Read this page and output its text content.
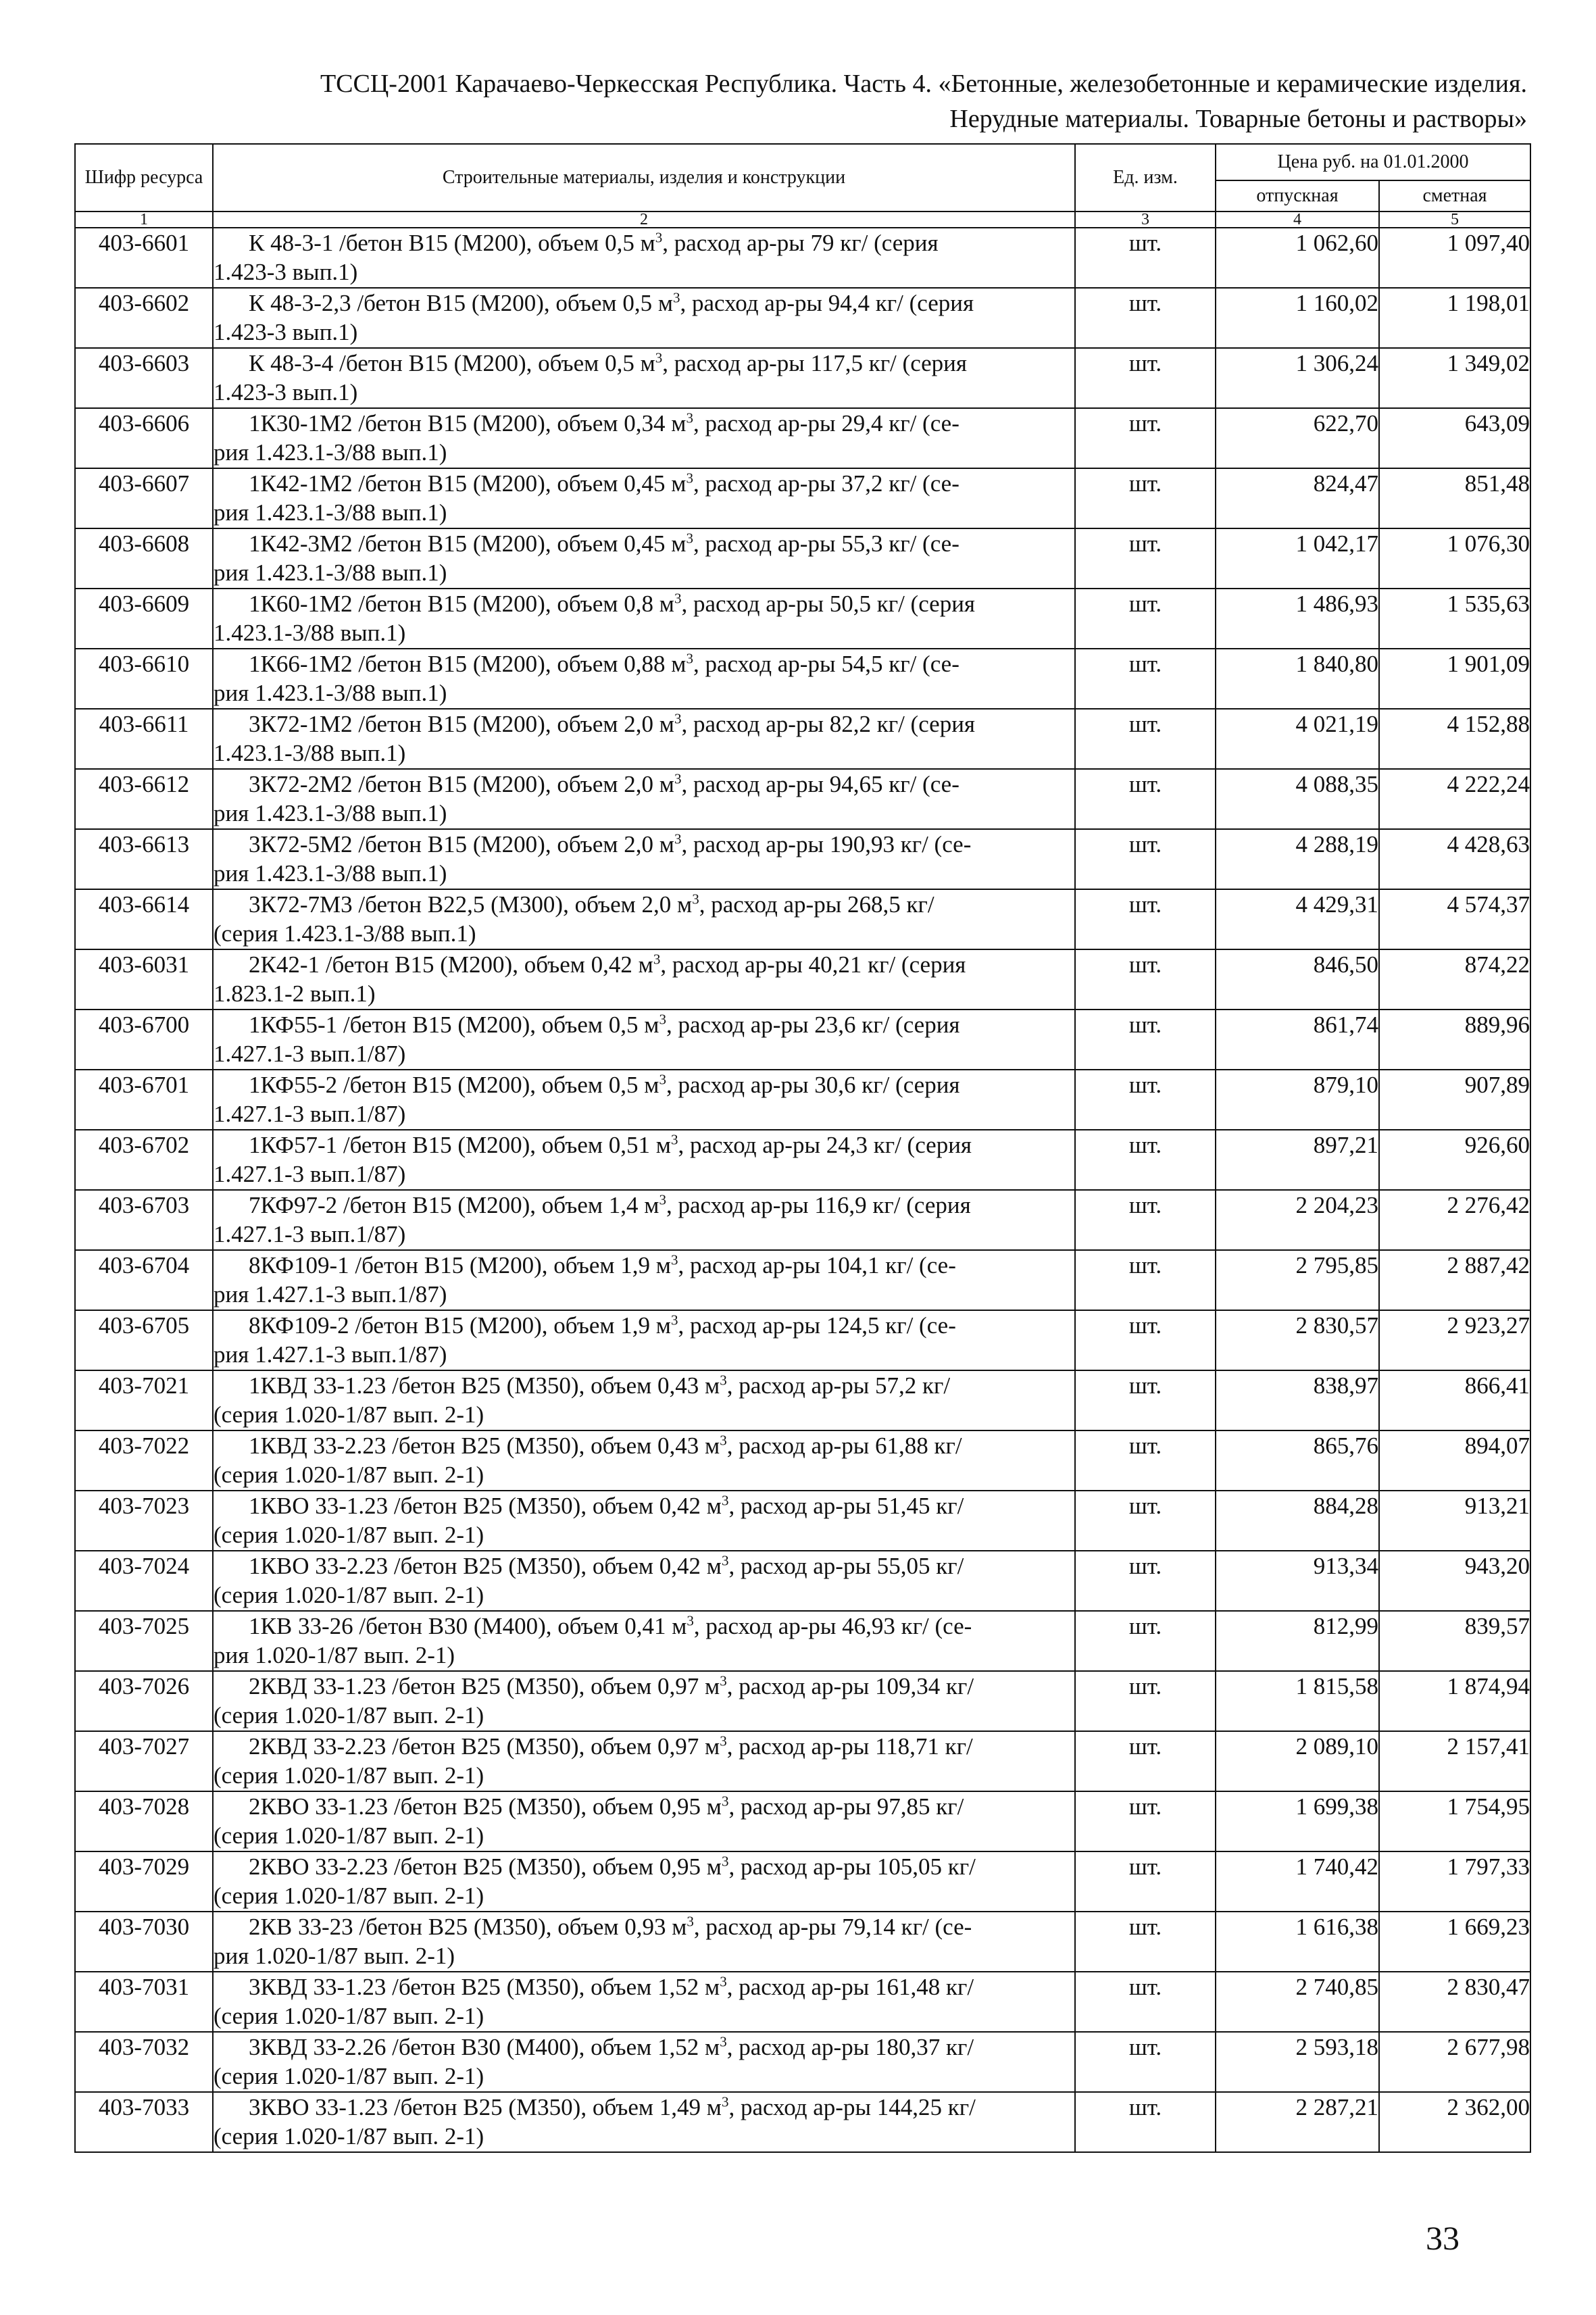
ТССЦ-2001 Карачаево-Черкесская Республика. Часть 4. «Бетонные, железобетонные и керамические изделия.
Нерудные материалы. Товарные бетоны и растворы»
Шифр ресурса	Строительные материалы, изделия и конструкции	Ед. изм.	Цена руб. на 01.01.2000	
			отпускная	сметная
1	2	3	4	5
403-6601	К 48-3-1 /бетон В15 (М200), объем 0,5 $м^3$, расход ар-ры 79 кг/ (серия
1.423-3 вып.1)	шт.	1 062,60	1 097,40
403-6602	К 48-3-2,3 /бетон В15 (М200), объем 0,5 $м^3$, расход ар-ры 94,4 кг/ (серия
1.423-3 вып.1)	шт.	1 160,02	1 198,01
403-6603	К 48-3-4 /бетон В15 (М200), объем 0,5 $м^3$, расход ар-ры 117,5 кг/ (серия
1.423-3 вып.1)	шт.	1 306,24	1 349,02
403-6606	1К30-1М2 /бетон В15 (М200), объем 0,34 $м^3$, расход ар-ры 29,4 кг/ (се-
рия 1.423.1-3/88 вып.1)	шт.	622,70	643,09
403-6607	1К42-1М2 /бетон В15 (М200), объем 0,45 $м^3$, расход ар-ры 37,2 кг/ (се-
рия 1.423.1-3/88 вып.1)	шт.	824,47	851,48
403-6608	1К42-3М2 /бетон В15 (М200), объем 0,45 $м^3$, расход ар-ры 55,3 кг/ (се-
рия 1.423.1-3/88 вып.1)	шт.	1 042,17	1 076,30
403-6609	1К60-1М2 /бетон В15 (М200), объем 0,8 $м^3$, расход ар-ры 50,5 кг/ (серия
1.423.1-3/88 вып.1)	шт.	1 486,93	1 535,63
403-6610	1К66-1М2 /бетон В15 (М200), объем 0,88 $м^3$, расход ар-ры 54,5 кг/ (се-
рия 1.423.1-3/88 вып.1)	шт.	1 840,80	1 901,09
403-6611	3К72-1М2 /бетон В15 (М200), объем 2,0 $м^3$, расход ар-ры 82,2 кг/ (серия
1.423.1-3/88 вып.1)	шт.	4 021,19	4 152,88
403-6612	3К72-2М2 /бетон В15 (М200), объем 2,0 $м^3$, расход ар-ры 94,65 кг/ (се-
рия 1.423.1-3/88 вып.1)	шт.	4 088,35	4 222,24
403-6613	3К72-5М2 /бетон В15 (М200), объем 2,0 $м^3$, расход ар-ры 190,93 кг/ (се-
рия 1.423.1-3/88 вып.1)	шт.	4 288,19	4 428,63
403-6614	3К72-7М3 /бетон В22,5 (М300), объем 2,0 $м^3$, расход ар-ры 268,5 кг/
(серия 1.423.1-3/88 вып.1)	шт.	4 429,31	4 574,37
403-6031	2К42-1 /бетон В15 (М200), объем 0,42 $м^3$, расход ар-ры 40,21 кг/ (серия
1.823.1-2 вып.1)	шт.	846,50	874,22
403-6700	1КФ55-1 /бетон В15 (М200), объем 0,5 $м^3$, расход ар-ры 23,6 кг/ (серия
1.427.1-3 вып.1/87)	шт.	861,74	889,96
403-6701	1КФ55-2 /бетон В15 (М200), объем 0,5 $м^3$, расход ар-ры 30,6 кг/ (серия
1.427.1-3 вып.1/87)	шт.	879,10	907,89
403-6702	1КФ57-1 /бетон В15 (М200), объем 0,51 $м^3$, расход ар-ры 24,3 кг/ (серия
1.427.1-3 вып.1/87)	шт.	897,21	926,60
403-6703	7КФ97-2 /бетон В15 (М200), объем 1,4 $м^3$, расход ар-ры 116,9 кг/ (серия
1.427.1-3 вып.1/87)	шт.	2 204,23	2 276,42
403-6704	8КФ109-1 /бетон В15 (М200), объем 1,9 $м^3$, расход ар-ры 104,1 кг/ (се-
рия 1.427.1-3 вып.1/87)	шт.	2 795,85	2 887,42
403-6705	8КФ109-2 /бетон В15 (М200), объем 1,9 $м^3$, расход ар-ры 124,5 кг/ (се-
рия 1.427.1-3 вып.1/87)	шт.	2 830,57	2 923,27
403-7021	1КВД 33-1.23 /бетон В25 (М350), объем 0,43 $м^3$, расход ар-ры 57,2 кг/
(серия 1.020-1/87 вып. 2-1)	шт.	838,97	866,41
403-7022	1КВД 33-2.23 /бетон В25 (М350), объем 0,43 $м^3$, расход ар-ры 61,88 кг/
(серия 1.020-1/87 вып. 2-1)	шт.	865,76	894,07
403-7023	1КВО 33-1.23 /бетон В25 (М350), объем 0,42 $м^3$, расход ар-ры 51,45 кг/
(серия 1.020-1/87 вып. 2-1)	шт.	884,28	913,21
403-7024	1КВО 33-2.23 /бетон В25 (М350), объем 0,42 $м^3$, расход ар-ры 55,05 кг/
(серия 1.020-1/87 вып. 2-1)	шт.	913,34	943,20
403-7025	1КВ 33-26 /бетон В30 (М400), объем 0,41 $м^3$, расход ар-ры 46,93 кг/ (се-
рия 1.020-1/87 вып. 2-1)	шт.	812,99	839,57
403-7026	2КВД 33-1.23 /бетон В25 (М350), объем 0,97 $м^3$, расход ар-ры 109,34 кг/
(серия 1.020-1/87 вып. 2-1)	шт.	1 815,58	1 874,94
403-7027	2КВД 33-2.23 /бетон В25 (М350), объем 0,97 $м^3$, расход ар-ры 118,71 кг/
(серия 1.020-1/87 вып. 2-1)	шт.	2 089,10	2 157,41
403-7028	2КВО 33-1.23 /бетон В25 (М350), объем 0,95 $м^3$, расход ар-ры 97,85 кг/
(серия 1.020-1/87 вып. 2-1)	шт.	1 699,38	1 754,95
403-7029	2КВО 33-2.23 /бетон В25 (М350), объем 0,95 $м^3$, расход ар-ры 105,05 кг/
(серия 1.020-1/87 вып. 2-1)	шт.	1 740,42	1 797,33
403-7030	2КВ 33-23 /бетон В25 (М350), объем 0,93 $м^3$, расход ар-ры 79,14 кг/ (се-
рия 1.020-1/87 вып. 2-1)	шт.	1 616,38	1 669,23
403-7031	3КВД 33-1.23 /бетон В25 (М350), объем 1,52 $м^3$, расход ар-ры 161,48 кг/
(серия 1.020-1/87 вып. 2-1)	шт.	2 740,85	2 830,47
403-7032	3КВД 33-2.26 /бетон В30 (М400), объем 1,52 $м^3$, расход ар-ры 180,37 кг/
(серия 1.020-1/87 вып. 2-1)	шт.	2 593,18	2 677,98
403-7033	3КВО 33-1.23 /бетон В25 (М350), объем 1,49 $м^3$, расход ар-ры 144,25 кг/
(серия 1.020-1/87 вып. 2-1)	шт.	2 287,21	2 362,00
33
